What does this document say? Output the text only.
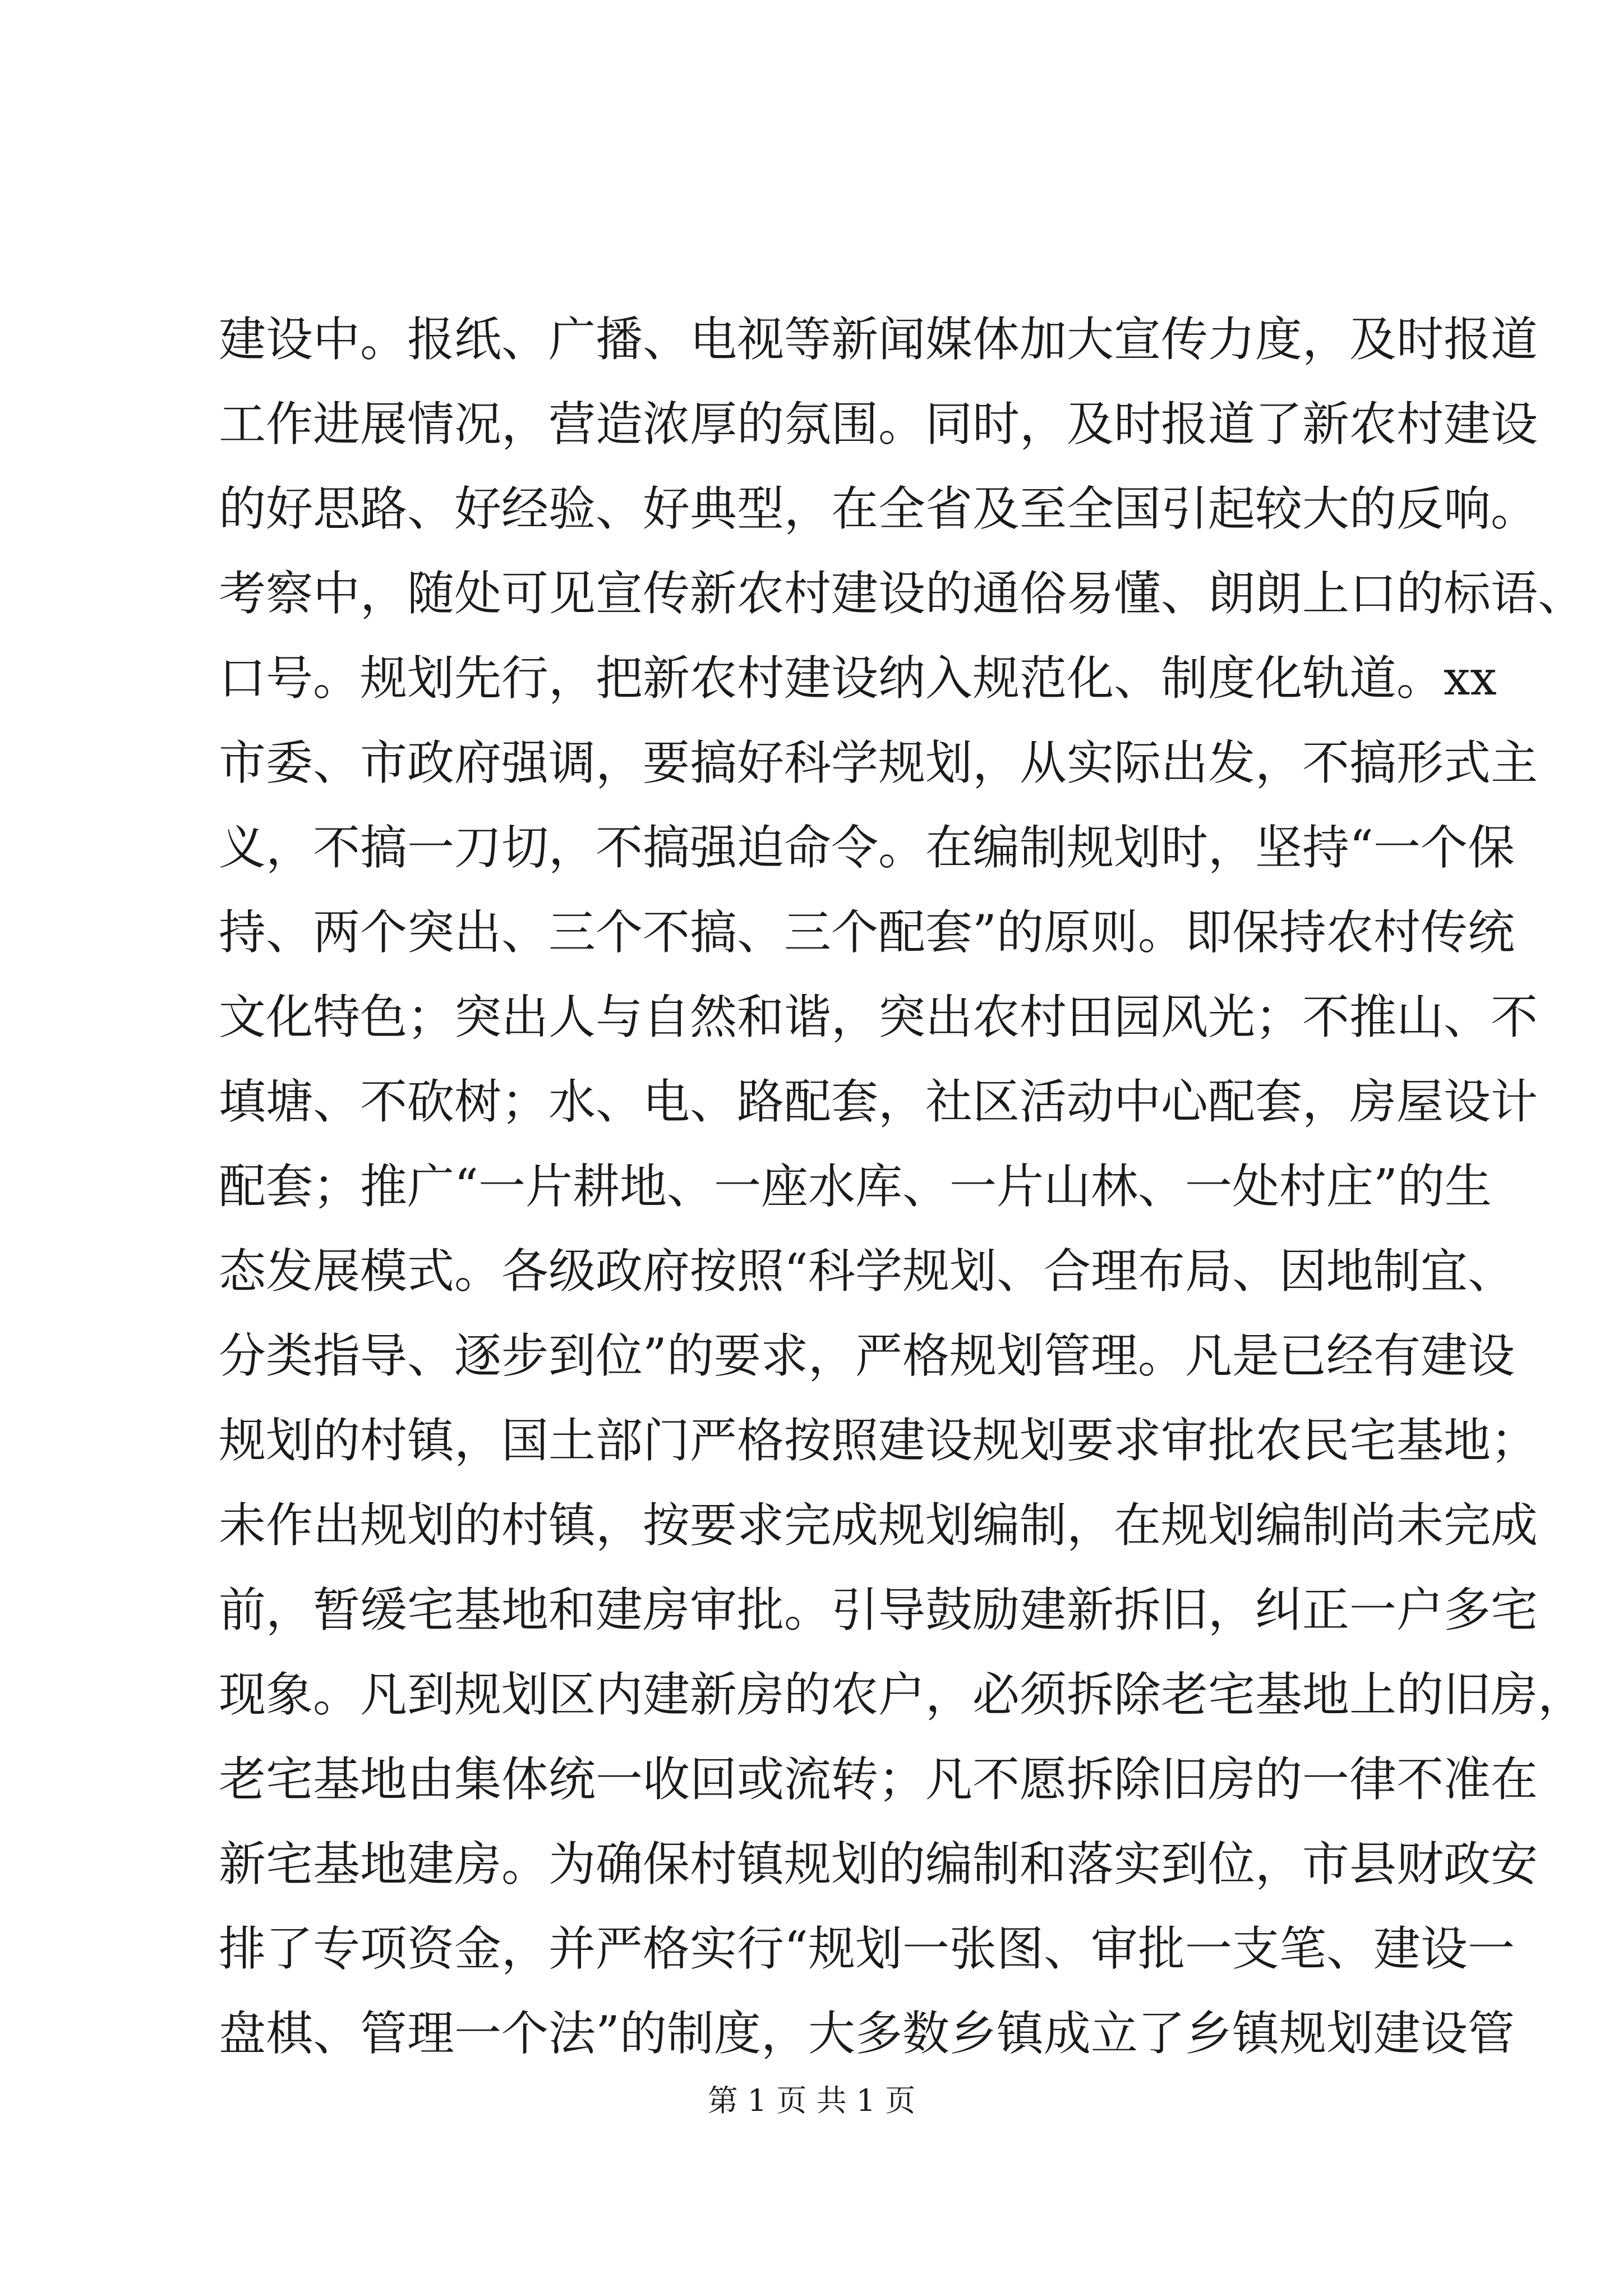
建设中。报纸、广播、电视等新闻媒体加大宣传力度，及时报道
工作进展情况，营造浓厚的氛围。同时，及时报道了新农村建设
的好思路、好经验、好典型，在全省及至全国引起较大的反响。
考察中，随处可见宣传新农村建设的通俗易懂、朗朗上口的标语、
口号。规划先行，把新农村建设纳入规范化、制度化轨道。xx
市委、市政府强调，要搞好科学规划，从实际出发，不搞形式主
义，不搞一刀切，不搞强迫命令。在编制规划时，坚持“一个保
持、两个突出、三个不搞、三个配套”的原则。即保持农村传统
文化特色；突出人与自然和谐，突出农村田园风光；不推山、不
填塘、不砍树；水、电、路配套，社区活动中心配套，房屋设计
配套；推广“一片耕地、一座水库、一片山林、一处村庄”的生
态发展模式。各级政府按照“科学规划、合理布局、因地制宜、
分类指导、逐步到位”的要求，严格规划管理。凡是已经有建设
规划的村镇，国土部门严格按照建设规划要求审批农民宅基地；
未作出规划的村镇，按要求完成规划编制，在规划编制尚未完成
前，暂缓宅基地和建房审批。引导鼓励建新拆旧，纠正一户多宅
现象。凡到规划区内建新房的农户，必须拆除老宅基地上的旧房，
老宅基地由集体统一收回或流转；凡不愿拆除旧房的一律不准在
新宅基地建房。为确保村镇规划的编制和落实到位，市县财政安
排了专项资金，并严格实行“规划一张图、审批一支笔、建设一
盘棋、管理一个法”的制度，大多数乡镇成立了乡镇规划建设管
第 1 页 共 1 页
